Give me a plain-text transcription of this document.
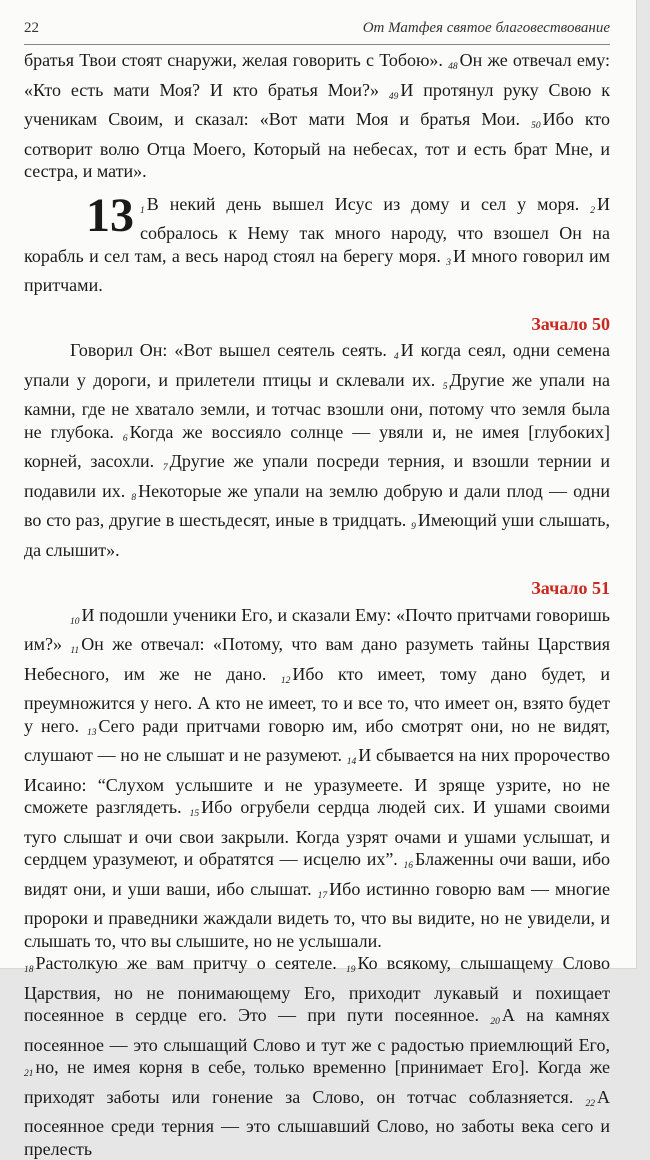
22	От Матфея святое благовествование

братья Твои стоят снаружи, желая говорить с Тобою». 48 Он же отвечал ему: «Кто есть мати Моя? И кто братья Мои?» 49 И протянул руку Свою к ученикам Своим, и сказал: «Вот мати Моя и братья Мои. 50 Ибо кто сотворит волю Отца Моего, Который на небесах, тот и есть брат Мне, и сестра, и мати».

13 1 В некий день вышел Исус из дому и сел у моря. 2 И собралось к Нему так много народу, что взошел Он на корабль и сел там, а весь народ стоял на берегу моря. 3 И много говорил им притчами.

Зачало 50

Говорил Он: «Вот вышел сеятель сеять. 4 И когда сеял, одни семена упали у дороги, и прилетели птицы и склевали их. 5 Другие же упали на камни, где не хватало земли, и тотчас взошли они, потому что земля была не глубока. 6 Когда же воссияло солнце — увяли и, не имея [глубоких] корней, засохли. 7 Другие же упали посреди терния, и взошли тернии и подавили их. 8 Некоторые же упали на землю добрую и дали плод — одни во сто раз, другие в шестьдесят, иные в тридцать. 9 Имеющий уши слышать, да слышит».

Зачало 51

10 И подошли ученики Его, и сказали Ему: «Почто притчами говоришь им?» 11 Он же отвечал: «Потому, что вам дано разуметь тайны Царствия Небесного, им же не дано. 12 Ибо кто имеет, тому дано будет, и преумножится у него. А кто не имеет, то и все то, что имеет он, взято будет у него. 13 Сего ради притчами говорю им, ибо смотрят они, но не видят, слушают — но не слышат и не разумеют. 14 И сбывается на них пророчество Исаино: “Слухом услышите и не уразумеете. И зряще узрите, но не сможете разглядеть. 15 Ибо огрубели сердца людей сих. И ушами своими туго слышат и очи свои закрыли. Когда узрят очами и ушами услышат, и сердцем уразумеют, и обратятся — исцелю их”. 16 Блаженны очи ваши, ибо видят они, и уши ваши, ибо слышат. 17 Ибо истинно говорю вам — многие пророки и праведники жаждали видеть то, что вы видите, но не увидели, и слышать то, что вы слышите, но не услышали.

18 Растолкую же вам притчу о сеятеле. 19 Ко всякому, слышащему Слово Царствия, но не понимающему Его, приходит лукавый и похищает посеянное в сердце его. Это — при пути посеянное. 20 А на камнях посеянное — это слышащий Слово и тут же с радостью приемлющий Его, 21 но, не имея корня в себе, только временно [принимает Его]. Когда же приходят заботы или гонение за Слово, он тотчас соблазняется. 22 А посеянное среди терния — это слышавший Слово, но заботы века сего и прелесть
